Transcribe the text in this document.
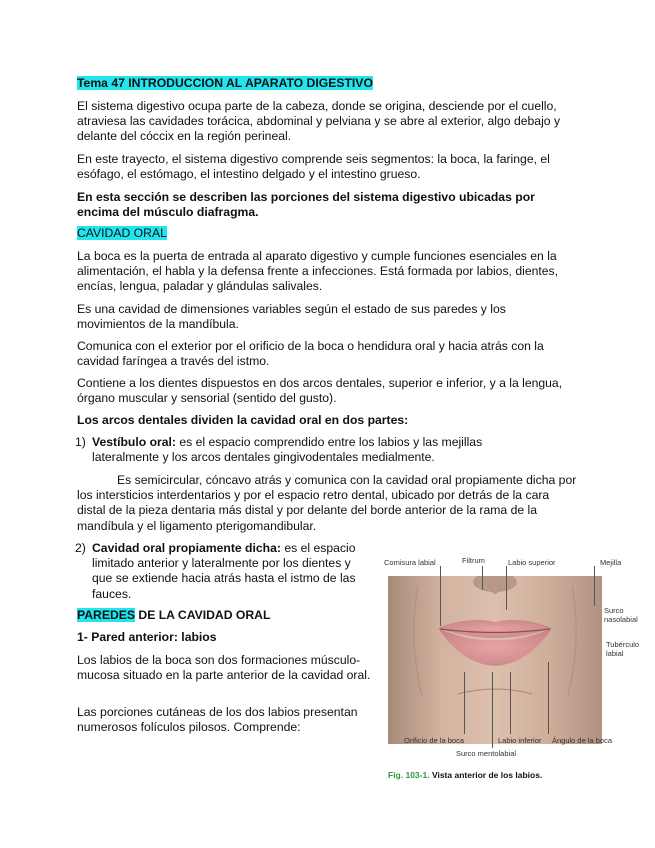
Tema 47 INTRODUCCION AL APARATO DIGESTIVO

El sistema digestivo ocupa parte de la cabeza, donde se origina, desciende por el cuello, atraviesa las cavidades torácica, abdominal y pelviana y se abre al exterior, algo debajo y delante del cóccix en la región perineal.

En este trayecto, el sistema digestivo comprende seis segmentos: la boca, la faringe, el esófago, el estómago, el intestino delgado y el intestino grueso.

En esta sección se describen las porciones del sistema digestivo ubicadas por encima del músculo diafragma.

CAVIDAD ORAL

La boca es la puerta de entrada al aparato digestivo y cumple funciones esenciales en la alimentación, el habla y la defensa frente a infecciones. Está formada por labios, dientes, encías, lengua, paladar y glándulas salivales.

Es una cavidad de dimensiones variables según el estado de sus paredes y los movimientos de la mandíbula.

Comunica con el exterior por el orificio de la boca o hendidura oral y hacia atrás con la cavidad faríngea a través del istmo.

Contiene a los dientes dispuestos en dos arcos dentales, superior e inferior, y a la lengua, órgano muscular y sensorial (sentido del gusto).

Los arcos dentales dividen la cavidad oral en dos partes:

1) Vestíbulo oral: es el espacio comprendido entre los labios y las mejillas lateralmente y los arcos dentales gingivodentales medialmente.

Es semicircular, cóncavo atrás y comunica con la cavidad oral propiamente dicha por los intersticios interdentarios y por el espacio retro dental, ubicado por detrás de la cara distal de la pieza dentaria más distal y por delante del borde anterior de la rama de la mandíbula y el ligamento pterigomandibular.

2) Cavidad oral propiamente dicha: es el espacio limitado anterior y lateralmente por los dientes y que se extiende hacia atrás hasta el istmo de las fauces.

PAREDES DE LA CAVIDAD ORAL

1- Pared anterior: labios

Los labios de la boca son dos formaciones músculo-mucosa situado en la parte anterior de la cavidad oral.

Las porciones cutáneas de los dos labios presentan numerosos folículos pilosos. Comprende:

Comisura labial	Filtrum	Labio superior	Mejilla
Surco nasolabial
Tubérculo labial
Orificio de la boca	Labio inferior Ángulo de la boca
Surco mentolabial
Fig. 103-1. Vista anterior de los labios.
